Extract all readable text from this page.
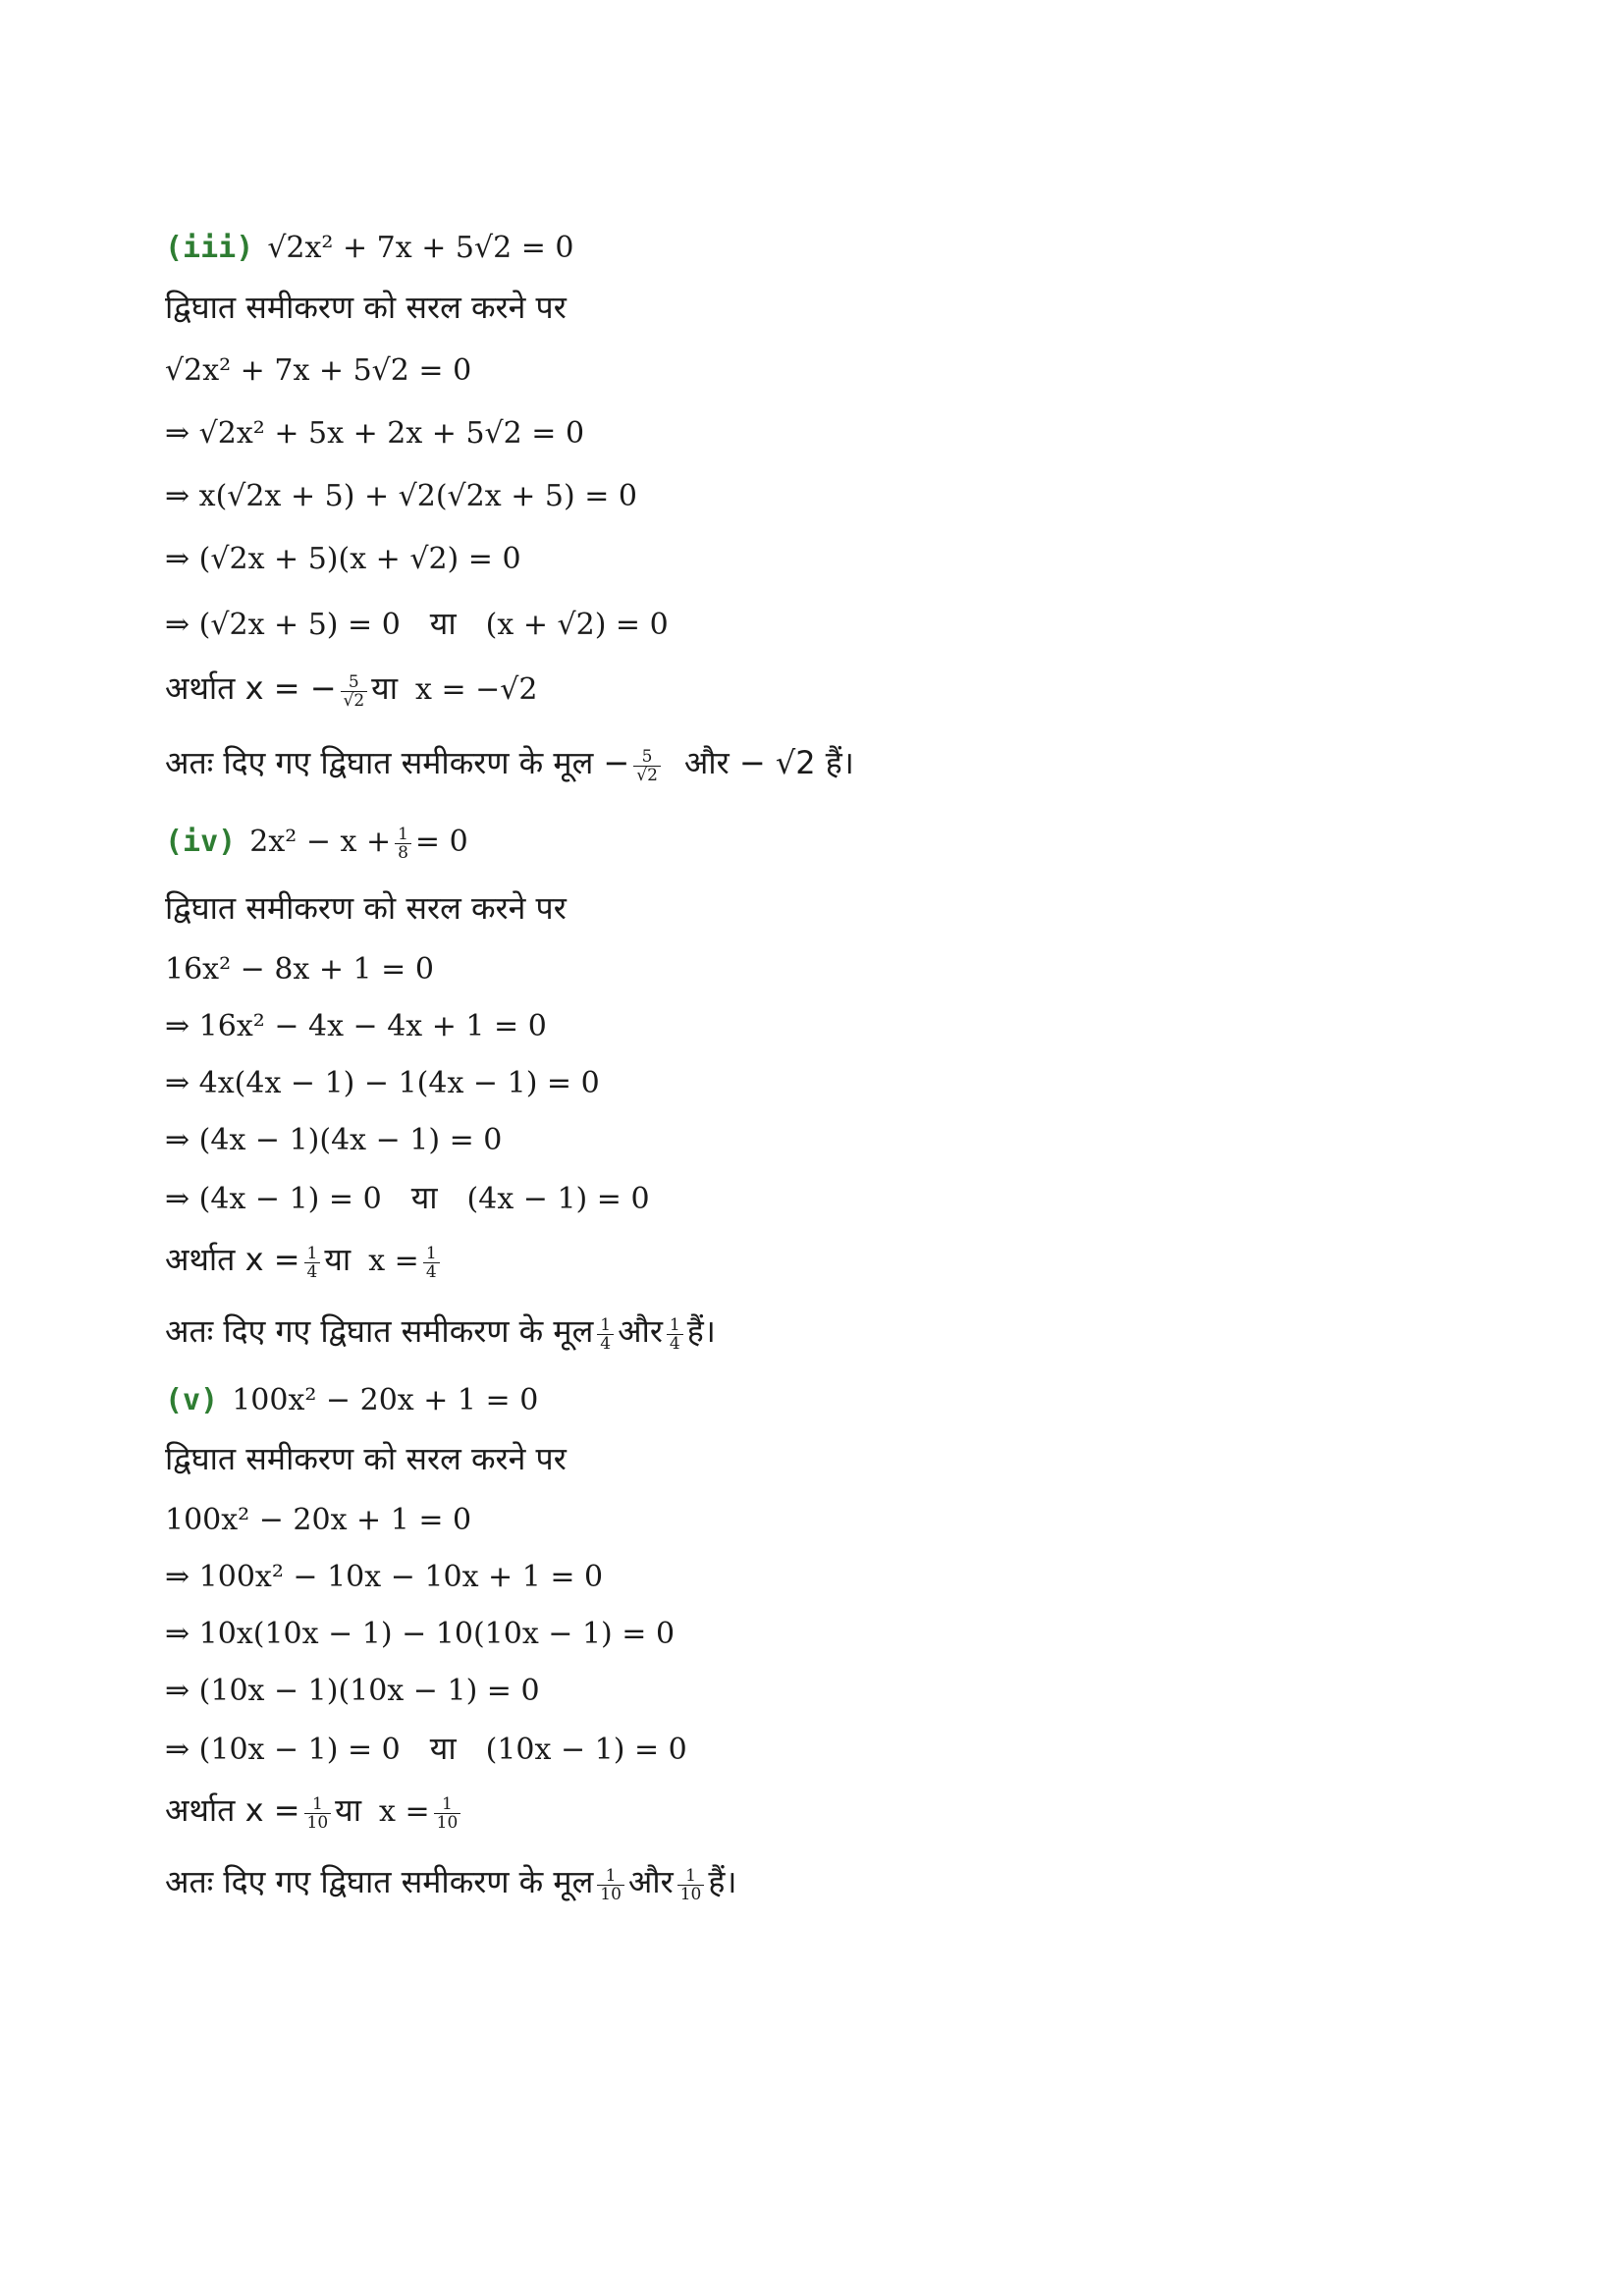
(iii) √2x² + 7x + 5√2 = 0
द्विघात समीकरण को सरल करने पर
√2x² + 7x + 5√2 = 0
⇒ √2x² + 5x + 2x + 5√2 = 0
⇒ x(√2x + 5) + √2(√2x + 5) = 0
⇒ (√2x + 5)(x + √2) = 0
⇒ (√2x + 5) = 0 या (x + √2) = 0
अर्थात x = − $\frac{5}{√2}$ या x = −√2
अतः दिए गए द्विघात समीकरण के मूल − $\frac{5}{√2}$ और − √2 हैं।
(iv) $2x^2 - x + \frac{1}{8} = 0$
द्विघात समीकरण को सरल करने पर
16x² − 8x + 1 = 0
⇒ 16x² − 4x − 4x + 1 = 0
⇒ 4x(4x − 1) − 1(4x − 1) = 0
⇒ (4x − 1)(4x − 1) = 0
⇒ (4x − 1) = 0 या (4x − 1) = 0
अर्थात $x = \frac{1}{4}$ या $x = \frac{1}{4}$
अतः दिए गए द्विघात समीकरण के मूल $\frac{1}{4}$ और $\frac{1}{4}$ हैं।
(v) 100x² − 20x + 1 = 0
द्विघात समीकरण को सरल करने पर
100x² − 20x + 1 = 0
⇒ 100x² − 10x − 10x + 1 = 0
⇒ 10x(10x − 1) − 10(10x − 1) = 0
⇒ (10x − 1)(10x − 1) = 0
⇒ (10x − 1) = 0 या (10x − 1) = 0
अर्थात $x = \frac{1}{10}$ या $x = \frac{1}{10}$
अतः दिए गए द्विघात समीकरण के मूल $\frac{1}{10}$ और $\frac{1}{10}$ हैं।
